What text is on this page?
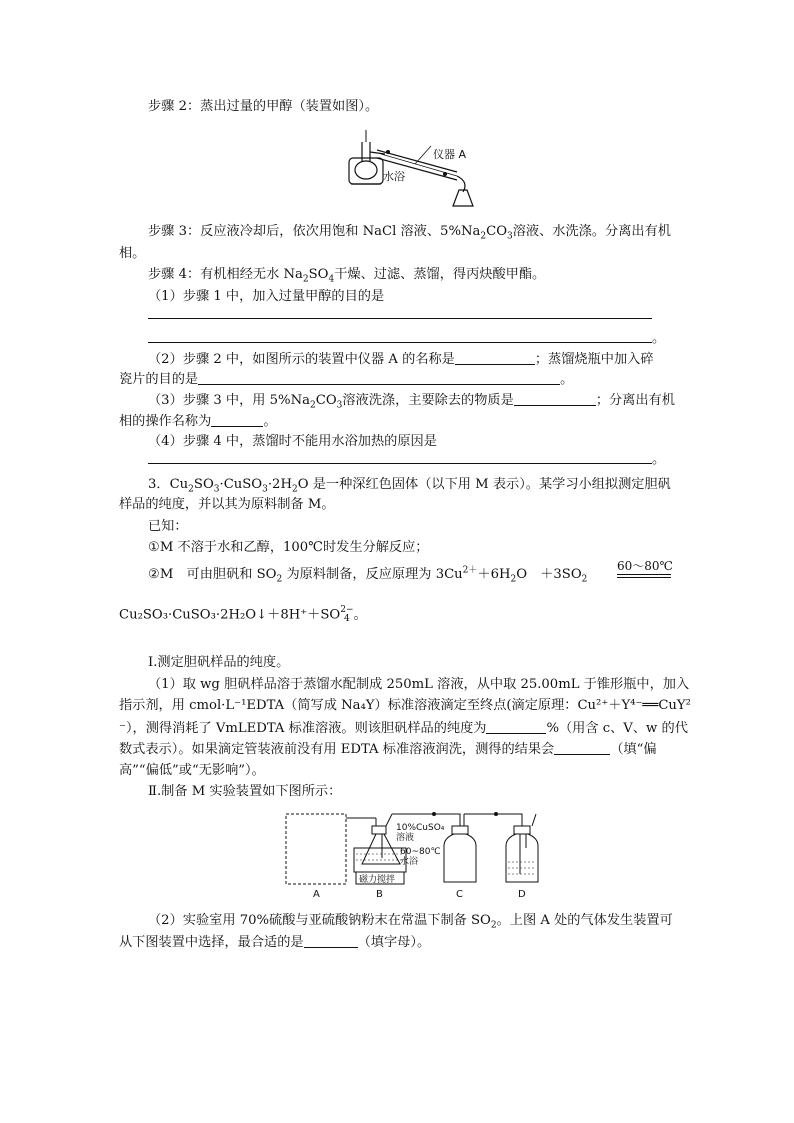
步骤 2：蒸出过量的甲醇（装置如图）。
仪器 A
水浴
步骤 3：反应液冷却后，依次用饱和 NaCl 溶液、$5\%Na_2CO_3$溶液、水洗涤。分离出有机
相。
步骤 4：有机相经无水 $Na_2SO_4$干燥、过滤、蒸馏，得丙炔酸甲酯。
（1）步骤 1 中，加入过量甲醇的目的是
。
（2）步骤 2 中，如图所示的装置中仪器 A 的名称是	；蒸馏烧瓶中加入碎
瓷片的目的是	。
（3）步骤 3 中，用 $5\%Na_2CO_3$溶液洗涤，主要除去的物质是	；分离出有机
相的操作名称为	。
（4）步骤 4 中，蒸馏时不能用水浴加热的原因是
。
3．$Cu_2SO_3\cdot CuSO_3\cdot 2H_2O$ 是一种深红色固体（以下用 M 表示）。某学习小组拟测定胆矾
样品的纯度，并以其为原料制备 M。
已知：
①M 不溶于水和乙醇，100℃时发生分解反应；
②M　可由胆矾和 $SO_2$ 为原料制备，反应原理为 $3Cu^{2+}+6H_2O$　$+3SO_2$
60～80℃
Cu₂SO₃·CuSO₃·2H₂O↓＋8H⁺＋SO 2−
4 。
Ⅰ.测定胆矾样品的纯度。
（1）取 wg 胆矾样品溶于蒸馏水配制成 250mL 溶液，从中取 25.00mL 于锥形瓶中，加入
指示剂，用 cmol·L⁻¹EDTA（简写成 Na₄Y）标准溶液滴定至终点(滴定原理：Cu²⁺＋Y⁴⁻══CuY²
⁻），测得消耗了 VmLEDTA 标准溶液。则该胆矾样品的纯度为	%（用含 c、V、w 的代
数式表示）。如果滴定管装液前没有用 EDTA 标准溶液润洗，测得的结果会	（填“偏
高”“偏低”或“无影响”）。
Ⅱ.制备 M 实验装置如下图所示：
磁力搅拌
10%CuSO₄
溶液
60~80℃
水浴
A	B	C	D
（2）实验室用 70%硫酸与亚硫酸钠粉末在常温下制备 $SO_2$。上图 A 处的气体发生装置可
从下图装置中选择，最合适的是	（填字母）。
